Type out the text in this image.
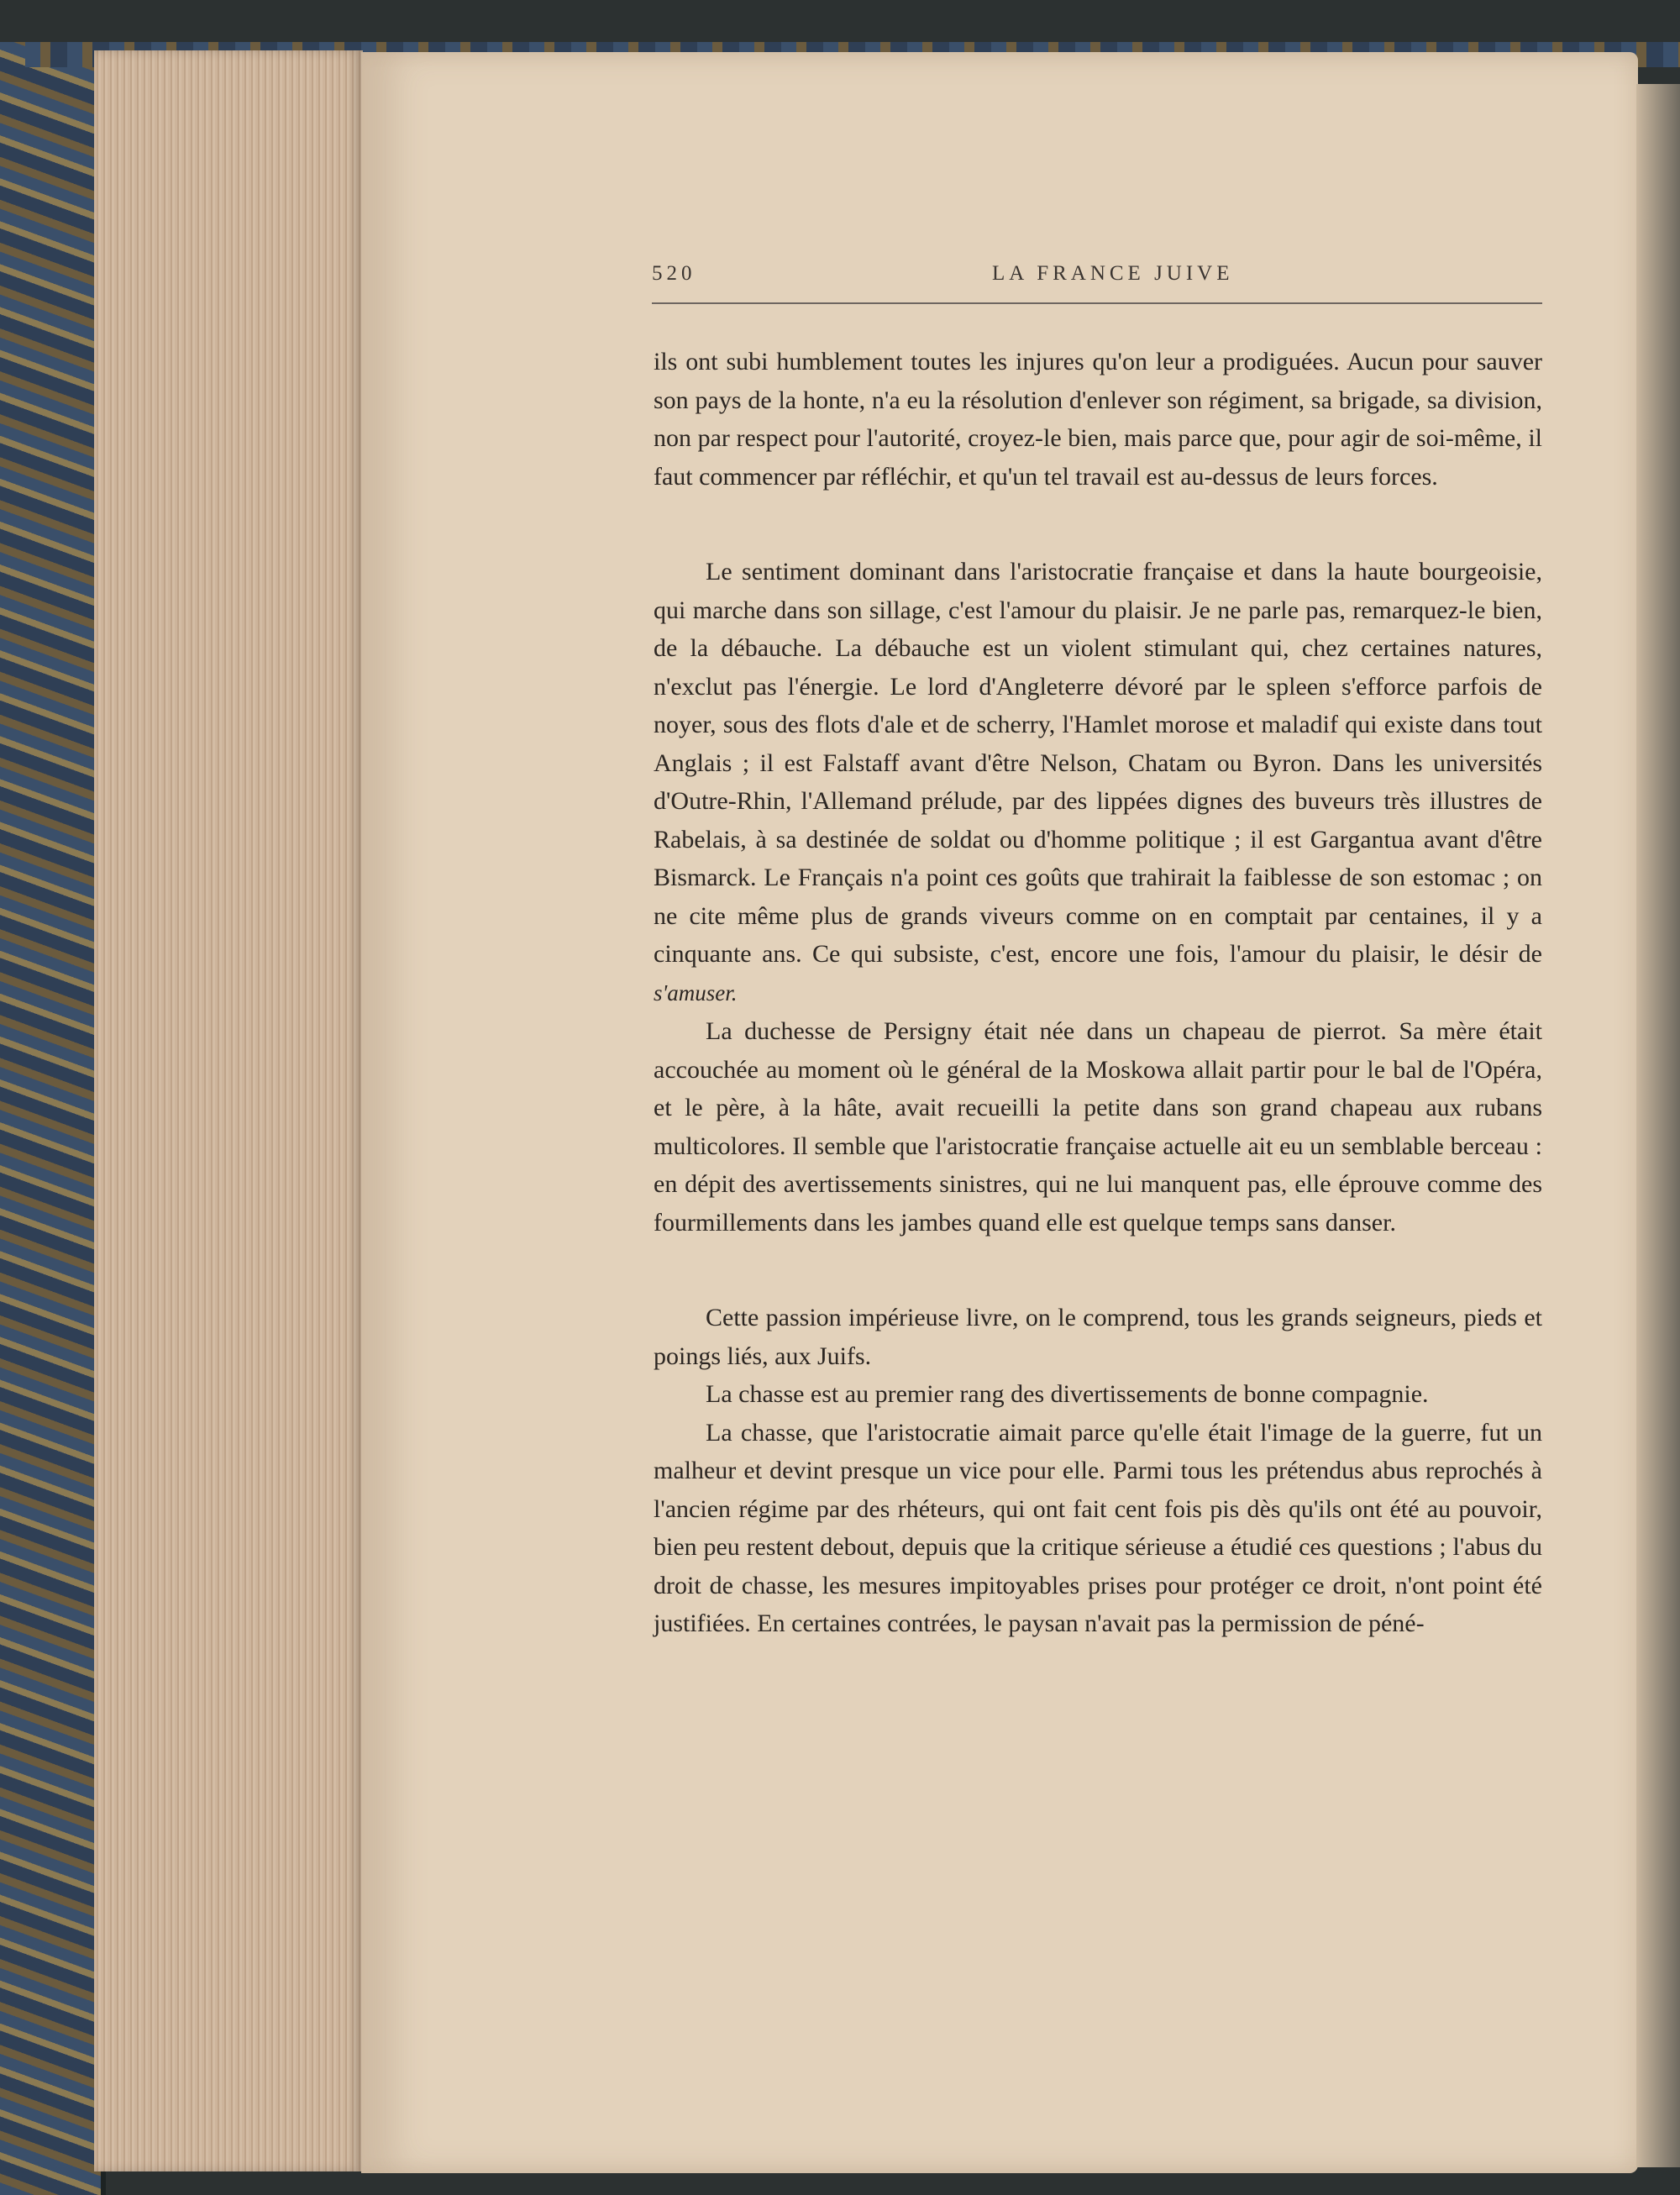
520	LA FRANCE JUIVE

ils ont subi humblement toutes les injures qu'on leur a prodiguées. Aucun pour sauver son pays de la honte, n'a eu la résolution d'enlever son régiment, sa brigade, sa division, non par respect pour l'autorité, croyez-le bien, mais parce que, pour agir de soi-même, il faut commencer par réfléchir, et qu'un tel travail est au-dessus de leurs forces.

Le sentiment dominant dans l'aristocratie française et dans la haute bourgeoisie, qui marche dans son sillage, c'est l'amour du plaisir. Je ne parle pas, remarquez-le bien, de la débauche. La débauche est un violent stimulant qui, chez certaines natures, n'exclut pas l'énergie. Le lord d'Angleterre dévoré par le spleen s'efforce parfois de noyer, sous des flots d'ale et de scherry, l'Hamlet morose et maladif qui existe dans tout Anglais ; il est Falstaff avant d'être Nelson, Chatam ou Byron. Dans les universités d'Outre-Rhin, l'Allemand prélude, par des lippées dignes des buveurs très illustres de Rabelais, à sa destinée de soldat ou d'homme politique ; il est Gargantua avant d'être Bismarck. Le Français n'a point ces goûts que trahirait la faiblesse de son estomac ; on ne cite même plus de grands viveurs comme on en comptait par centaines, il y a cinquante ans. Ce qui subsiste, c'est, encore une fois, l'amour du plaisir, le désir de s'amuser.

La duchesse de Persigny était née dans un chapeau de pierrot. Sa mère était accouchée au moment où le général de la Moskowa allait partir pour le bal de l'Opéra, et le père, à la hâte, avait recueilli la petite dans son grand chapeau aux rubans multicolores. Il semble que l'aristocratie française actuelle ait eu un semblable berceau : en dépit des avertissements sinistres, qui ne lui manquent pas, elle éprouve comme des fourmillements dans les jambes quand elle est quelque temps sans danser.

Cette passion impérieuse livre, on le comprend, tous les grands seigneurs, pieds et poings liés, aux Juifs.

La chasse est au premier rang des divertissements de bonne compagnie.

La chasse, que l'aristocratie aimait parce qu'elle était l'image de la guerre, fut un malheur et devint presque un vice pour elle. Parmi tous les prétendus abus reprochés à l'ancien régime par des rhéteurs, qui ont fait cent fois pis dès qu'ils ont été au pouvoir, bien peu restent debout, depuis que la critique sérieuse a étudié ces questions ; l'abus du droit de chasse, les mesures impitoyables prises pour protéger ce droit, n'ont point été justifiées. En certaines contrées, le paysan n'avait pas la permission de péné-
